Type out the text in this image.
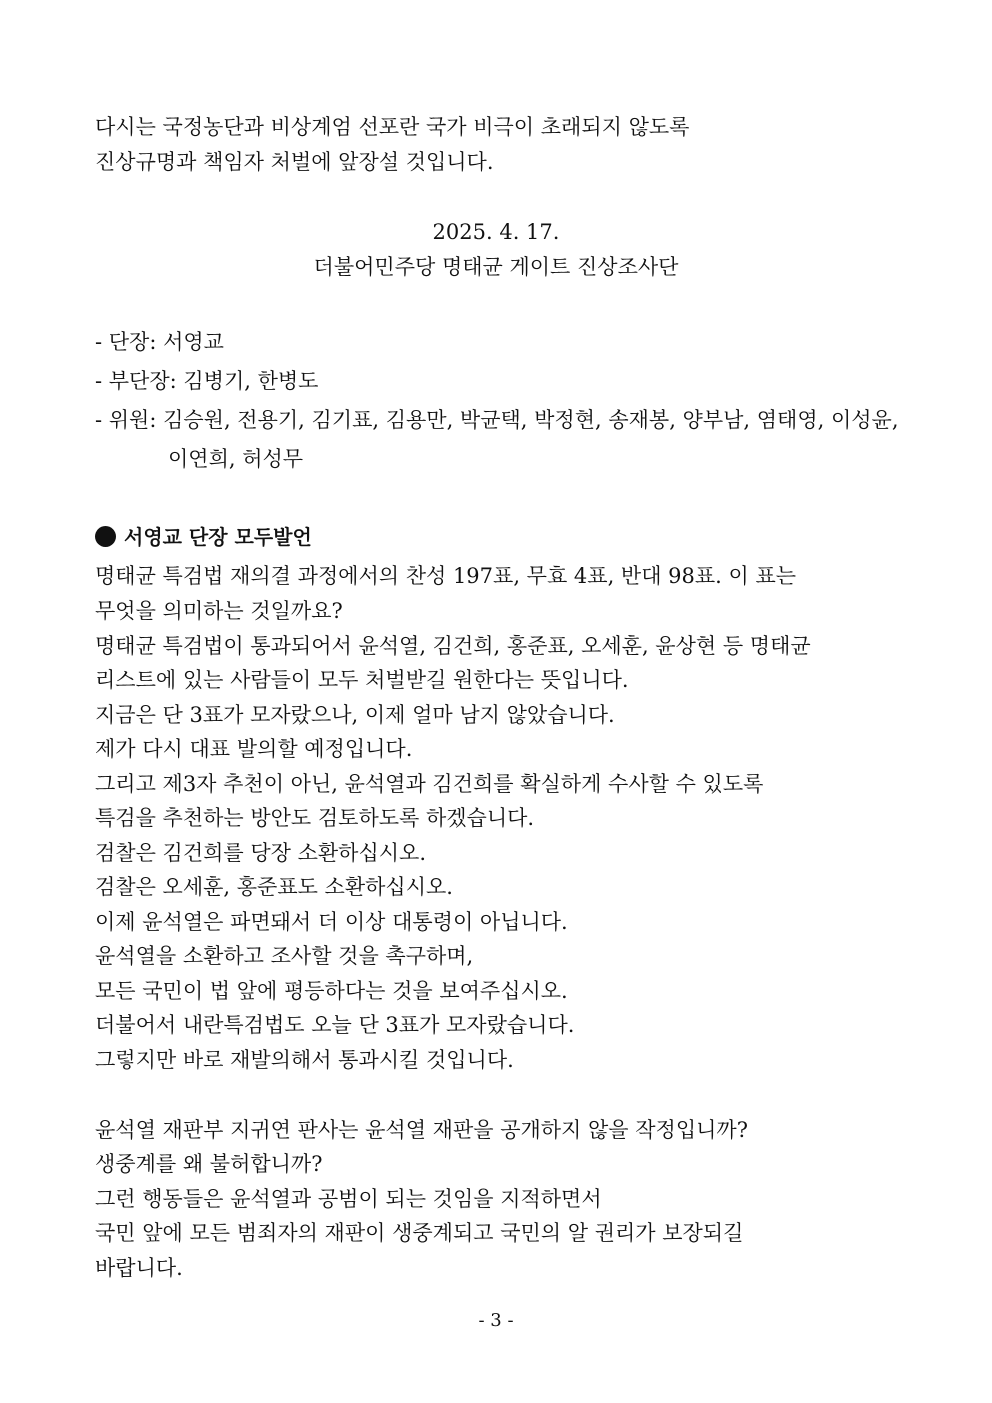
다시는 국정농단과 비상계엄 선포란 국가 비극이 초래되지 않도록
진상규명과 책임자 처벌에 앞장설 것입니다.
2025. 4. 17.
더불어민주당 명태균 게이트 진상조사단
- 단장: 서영교
- 부단장: 김병기, 한병도
- 위원: 김승원, 전용기, 김기표, 김용만, 박균택, 박정현, 송재봉, 양부남, 염태영, 이성윤,
이연희, 허성무
서영교 단장 모두발언
명태균 특검법 재의결 과정에서의 찬성 197표, 무효 4표, 반대 98표. 이 표는
무엇을 의미하는 것일까요?
명태균 특검법이 통과되어서 윤석열, 김건희, 홍준표, 오세훈, 윤상현 등 명태균
리스트에 있는 사람들이 모두 처벌받길 원한다는 뜻입니다.
지금은 단 3표가 모자랐으나, 이제 얼마 남지 않았습니다.
제가 다시 대표 발의할 예정입니다.
그리고 제3자 추천이 아닌, 윤석열과 김건희를 확실하게 수사할 수 있도록
특검을 추천하는 방안도 검토하도록 하겠습니다.
검찰은 김건희를 당장 소환하십시오.
검찰은 오세훈, 홍준표도 소환하십시오.
이제 윤석열은 파면돼서 더 이상 대통령이 아닙니다.
윤석열을 소환하고 조사할 것을 촉구하며,
모든 국민이 법 앞에 평등하다는 것을 보여주십시오.
더불어서 내란특검법도 오늘 단 3표가 모자랐습니다.
그렇지만 바로 재발의해서 통과시킬 것입니다.
윤석열 재판부 지귀연 판사는 윤석열 재판을 공개하지 않을 작정입니까?
생중계를 왜 불허합니까?
그런 행동들은 윤석열과 공범이 되는 것임을 지적하면서
국민 앞에 모든 범죄자의 재판이 생중계되고 국민의 알 권리가 보장되길
바랍니다.
- 3 -
